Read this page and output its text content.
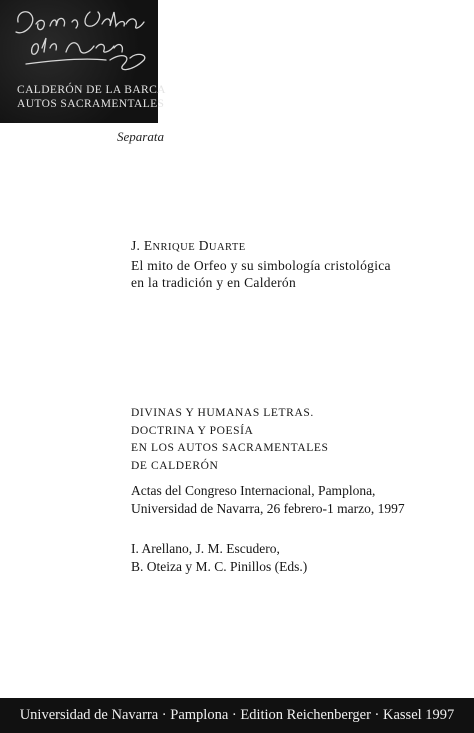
CALDERÓN DE LA BARCA
AUTOS SACRAMENTALES
Separata
J. ENRIQUE DUARTE
El mito de Orfeo y su simbología cristológica
en la tradición y en Calderón
DIVINAS Y HUMANAS LETRAS.
DOCTRINA Y POESÍA
EN LOS AUTOS SACRAMENTALES
DE CALDERÓN
Actas del Congreso Internacional, Pamplona,
Universidad de Navarra, 26 febrero-1 marzo, 1997
I. Arellano, J. M. Escudero,
B. Oteiza y M. C. Pinillos (Eds.)
Universidad de Navarra · Pamplona · Edition Reichenberger · Kassel 1997
